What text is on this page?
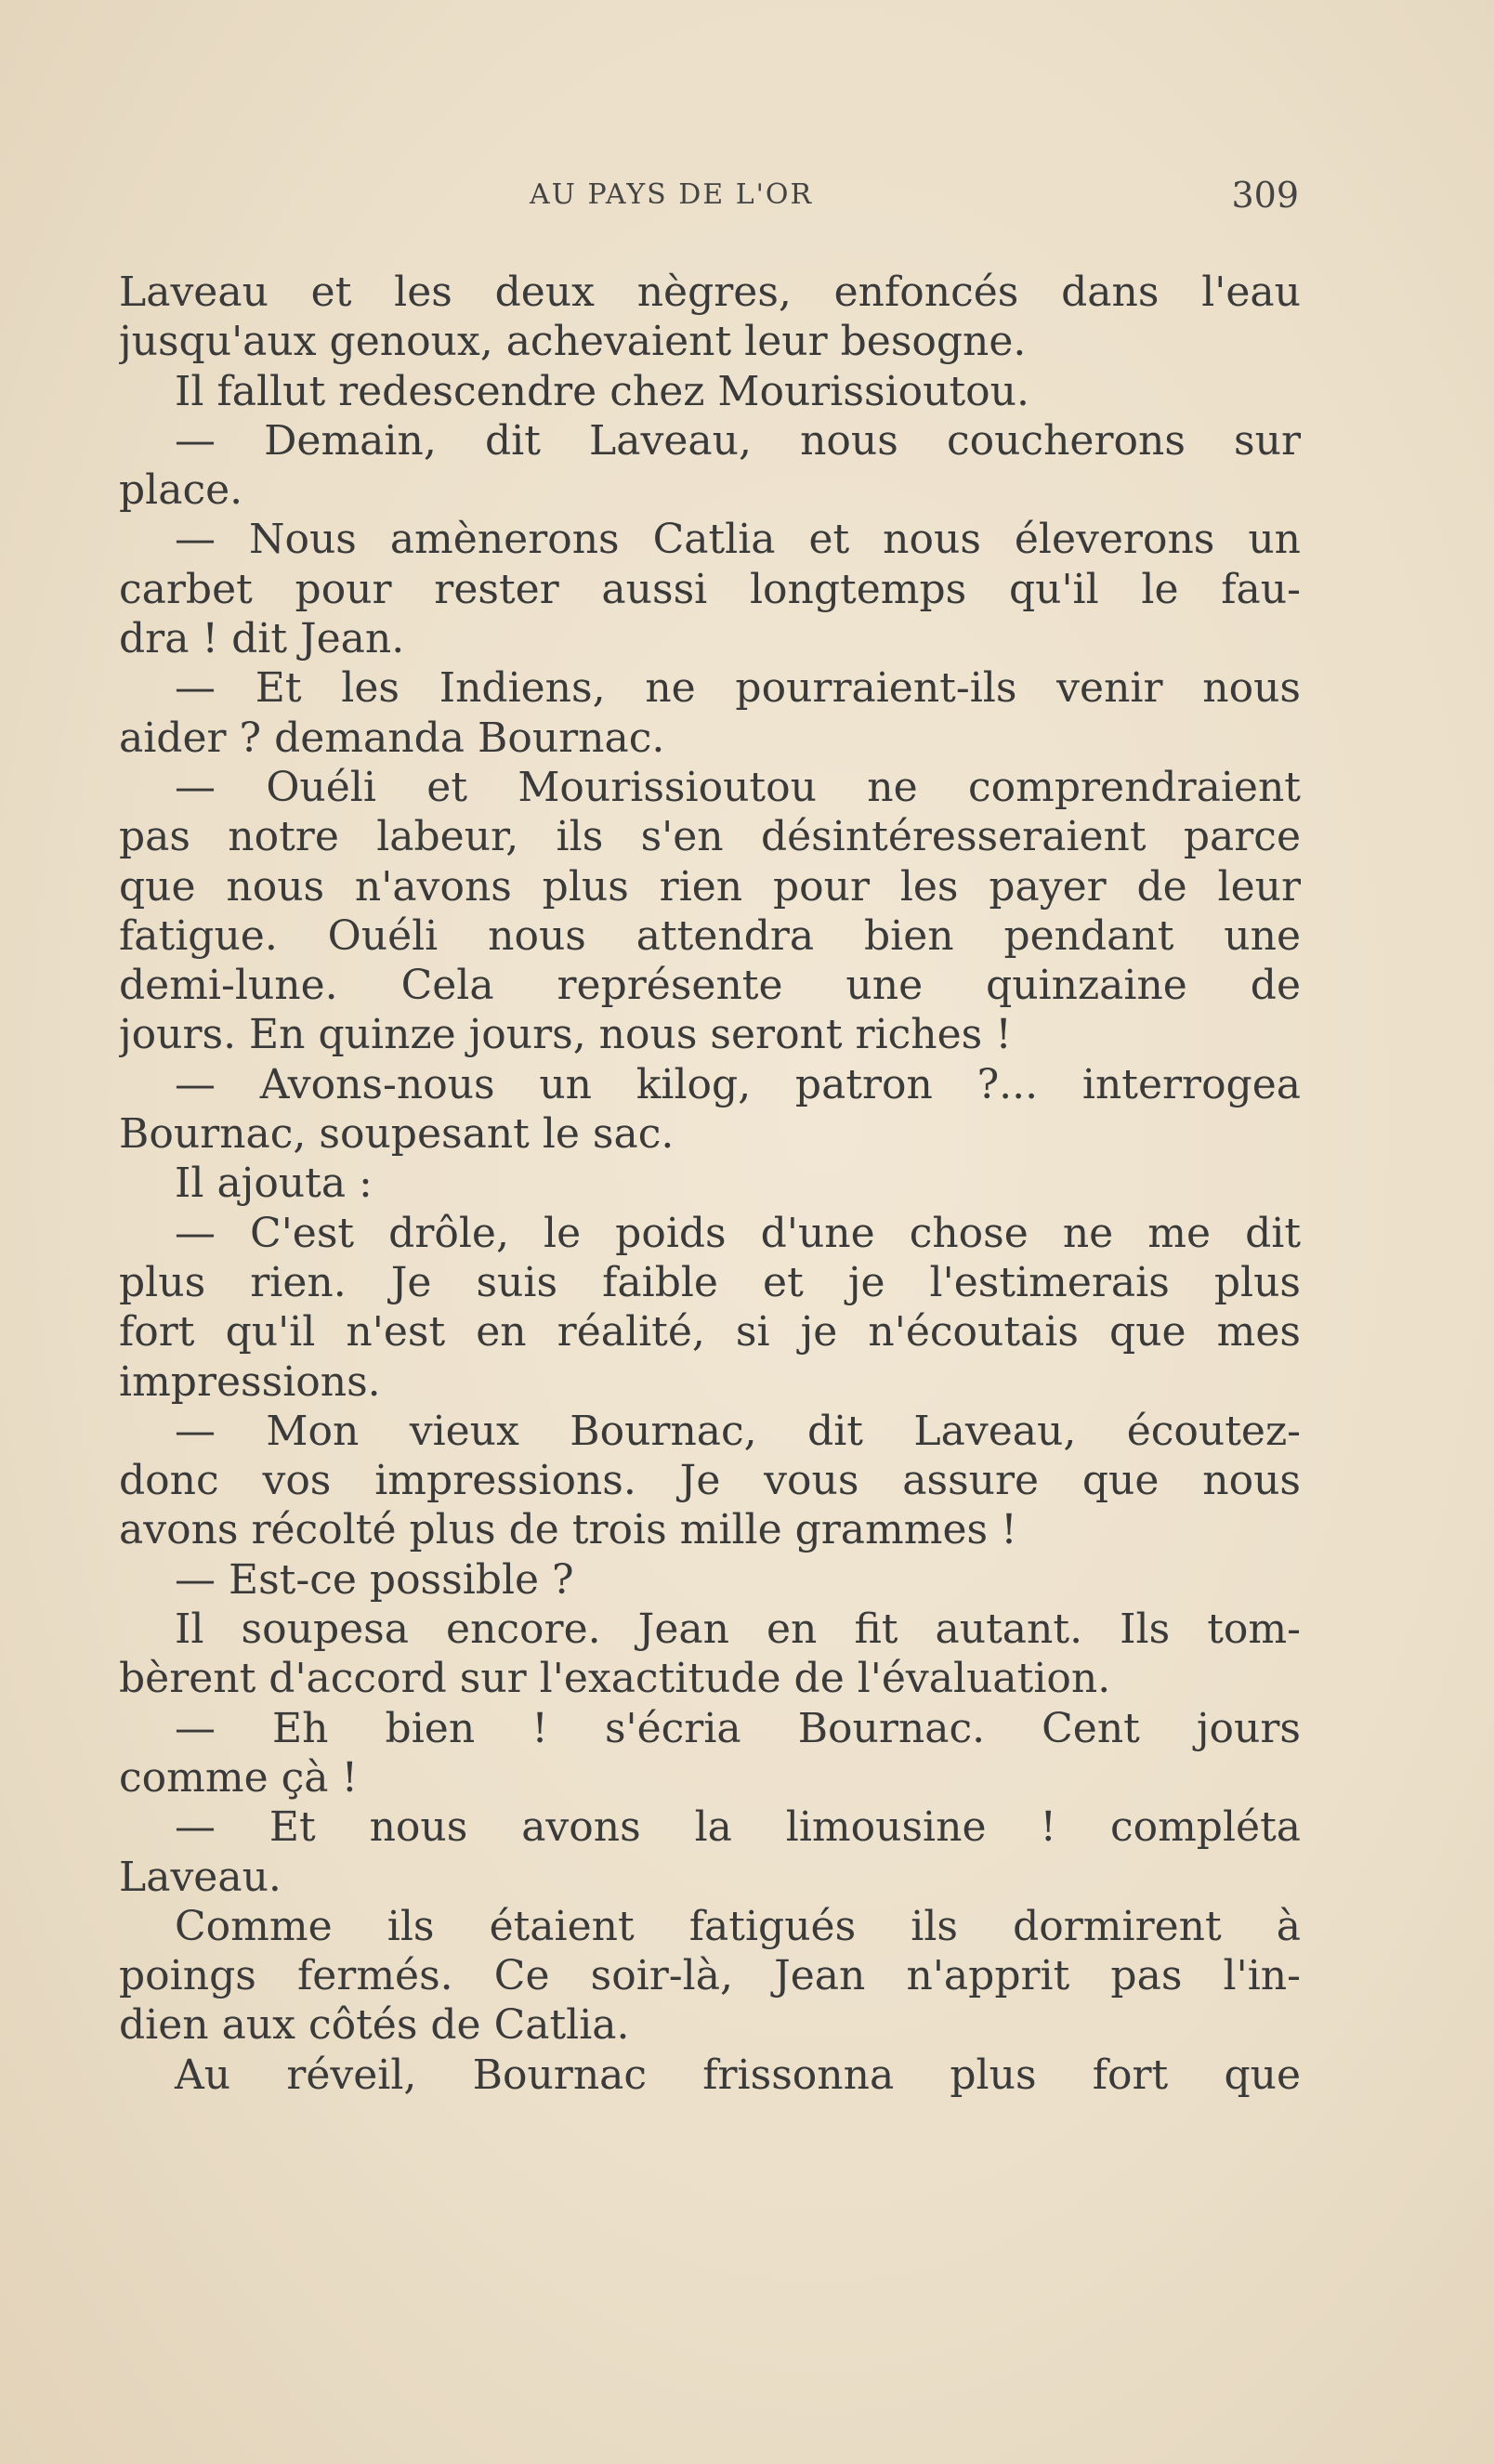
AU PAYS DE L'OR	309
Laveau et les deux nègres, enfoncés dans l'eau
jusqu'aux genoux, achevaient leur besogne.
Il fallut redescendre chez Mourissioutou.
— Demain, dit Laveau, nous coucherons sur
place.
— Nous amènerons Catlia et nous éleverons un
carbet pour rester aussi longtemps qu'il le fau-
dra ! dit Jean.
— Et les Indiens, ne pourraient-ils venir nous
aider ? demanda Bournac.
— Ouéli et Mourissioutou ne comprendraient
pas notre labeur, ils s'en désintéresseraient parce
que nous n'avons plus rien pour les payer de leur
fatigue. Ouéli nous attendra bien pendant une
demi-lune. Cela représente une quinzaine de
jours. En quinze jours, nous seront riches !
— Avons-nous un kilog, patron ?... interrogea
Bournac, soupesant le sac.
Il ajouta :
— C'est drôle, le poids d'une chose ne me dit
plus rien. Je suis faible et je l'estimerais plus
fort qu'il n'est en réalité, si je n'écoutais que mes
impressions.
— Mon vieux Bournac, dit Laveau, écoutez-
donc vos impressions. Je vous assure que nous
avons récolté plus de trois mille grammes !
— Est-ce possible ?
Il soupesa encore. Jean en fit autant. Ils tom-
bèrent d'accord sur l'exactitude de l'évaluation.
— Eh bien ! s'écria Bournac. Cent jours
comme çà !
— Et nous avons la limousine ! compléta
Laveau.
Comme ils étaient fatigués ils dormirent à
poings fermés. Ce soir-là, Jean n'apprit pas l'in-
dien aux côtés de Catlia.
Au réveil, Bournac frissonna plus fort que
